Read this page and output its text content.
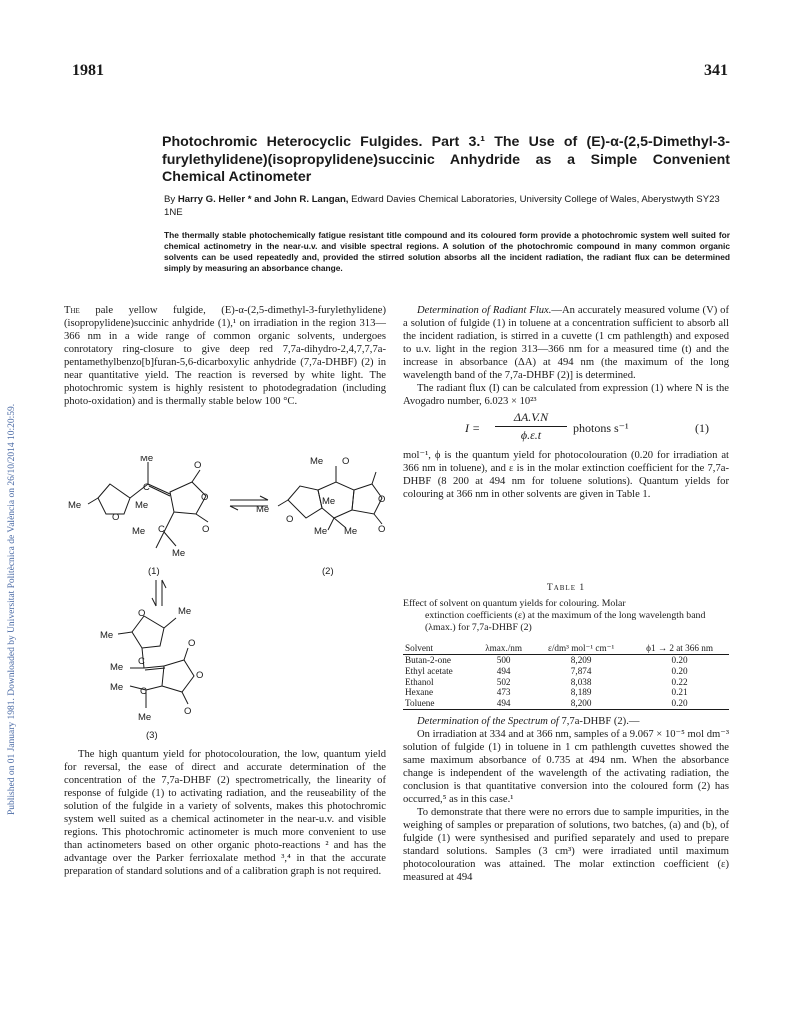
Published on 01 January 1981. Downloaded by Universitat Politècnica de València on 26/10/2014 10:20:59.
1981	341
Photochromic Heterocyclic Fulgides. Part 3.¹ The Use of (E)-α-(2,5-Dimethyl-3-furylethylidene)(isopropylidene)succinic Anhydride as a Simple Convenient Chemical Actinometer
By Harry G. Heller * and John R. Langan, Edward Davies Chemical Laboratories, University College of Wales, Aberystwyth SY23 1NE
The thermally stable photochemically fatigue resistant title compound and its coloured form provide a photochromic system well suited for chemical actinometry in the near-u.v. and visible spectral regions. A solution of the photochromic compound in many common organic solvents can be used repeatedly and, provided the stirred solution absorbs all the incident radiation, the radiant flux can be determined simply by measuring an absorbance change.

The pale yellow fulgide, (E)-α-(2,5-dimethyl-3-furylethylidene)(isopropylidene)succinic anhydride (1),¹ on irradiation in the region 313—366 nm in a wide range of common organic solvents, undergoes conrotatory ring-closure to give deep red 7,7a-dihydro-2,4,7,7,7a-pentamethylbenzo[b]furan-5,6-dicarboxylic anhydride (7,7a-DHBF) (2) in near quantitative yield. The reaction is reversed by white light. The photochromic system is highly resistent to photodegradation (including photo-oxidation) and is thermally stable below 100 °C.

Me
O
C
O
Me	Me
O
C	O
Me
Me
(1)
Me O
O
Me
Me
O
Me Me O
(2)
O	Me
Me
O
Me
C
O
Me C
O
Me
(3)

The high quantum yield for photocolouration, the low, quantum yield for reversal, the ease of direct and accurate determination of the concentration of the 7,7a-DHBF (2) spectrometrically, the linearity of response of fulgide (1) to activating radiation, and the reuseability of the solution of the fulgide in a variety of solvents, makes this photochromic system well suited as a chemical actinometer in the near-u.v. and visible regions. This photochromic actinometer is much more convenient to use than actinometers based on other organic photo-reactions ² and has the advantage over the Parker ferrioxalate method ³,⁴ in that the accurate preparation of standard solutions and of a calibration graph is not required.

Determination of Radiant Flux.—An accurately measured volume (V) of a solution of fulgide (1) in toluene at a concentration sufficient to absorb all the incident radiation, is stirred in a cuvette (1 cm pathlength) and exposed to u.v. light in the region 313—366 nm for a measured time (t) and the increase in absorbance (ΔA) at 494 nm (the maximum of the long wavelength band of the 7,7a-DHBF (2)] is determined.

The radiant flux (I) can be calculated from expression (1) where N is the Avogadro number, 6.023 × 10²³

$I = \frac{\Delta A.V.N}{\phi.\varepsilon.t}$ photons s⁻¹	(1)

mol⁻¹, ϕ is the quantum yield for photocolouration (0.20 for irradiation at 366 nm in toluene), and ε is in the molar extinction coefficient for the 7,7a-DHBF (8 200 at 494 nm for toluene solutions). Quantum yields for colouring at 366 nm in other solvents are given in Table 1.

Table 1
Effect of solvent on quantum yields for colouring. Molar
extinction coefficients (ε) at the maximum of the long wavelength band (λmax.) for 7,7a-DHBF (2)
Solvent	λmax./nm	ε/dm³ mol⁻¹ cm⁻¹	ϕ1 → 2 at 366 nm
Butan-2-one	500	8,209	0.20
Ethyl acetate	494	7,874	0.20
Ethanol	502	8,038	0.22
Hexane	473	8,189	0.21
Toluene	494	8,200	0.20

Determination of the Spectrum of 7,7a-DHBF (2).—

On irradiation at 334 and at 366 nm, samples of a 9.067 × 10⁻⁵ mol dm⁻³ solution of fulgide (1) in toluene in 1 cm pathlength cuvettes showed the same maximum absorbance of 0.735 at 494 nm. When the absorbance change is independent of the wavelength of the activating radiation, the conclusion is that quantitative conversion into the coloured form (2) has occurred,⁵ as in this case.¹

To demonstrate that there were no errors due to sample impurities, in the weighing of samples or preparation of solutions, two batches, (a) and (b), of fulgide (1) were synthesised and purified separately and used to prepare standard solutions. Samples (3 cm³) were irradiated until maximum photocolouration was attained. The molar extinction coefficient (ε) measured at 494
